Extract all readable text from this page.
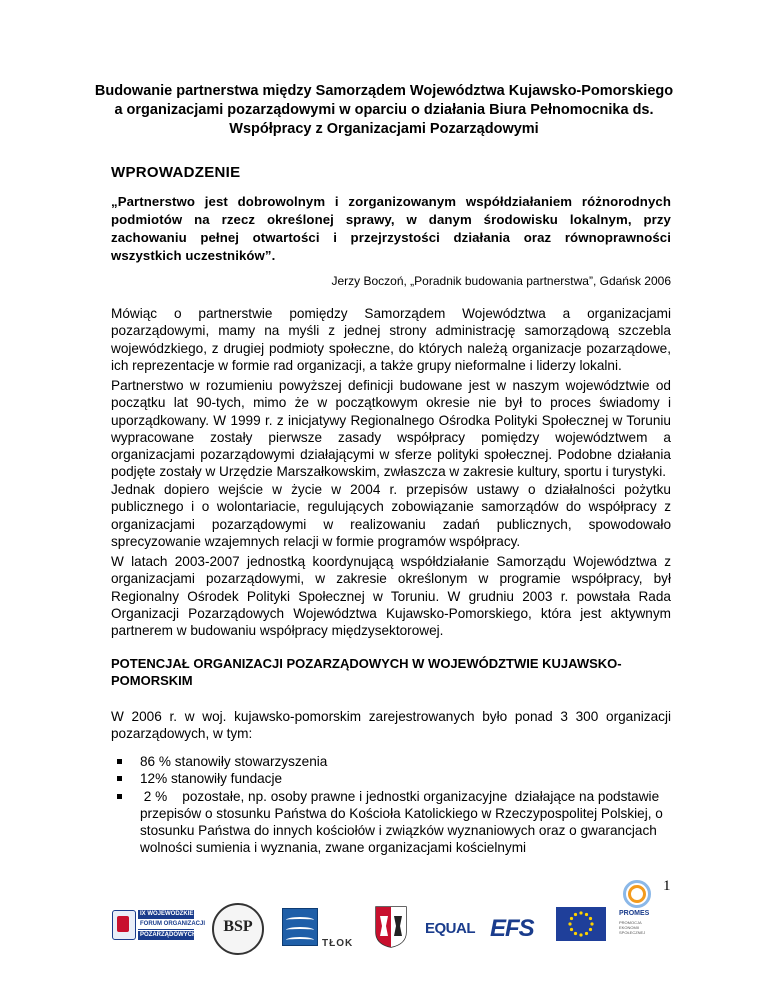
Budowanie partnerstwa między Samorządem Województwa Kujawsko-Pomorskiego a organizacjami pozarządowymi w oparciu o działania Biura Pełnomocnika ds. Współpracy z Organizacjami Pozarządowymi
WPROWADZENIE
„Partnerstwo jest dobrowolnym i zorganizowanym współdziałaniem różnorodnych podmiotów na rzecz określonej sprawy, w danym środowisku lokalnym, przy zachowaniu pełnej otwartości i przejrzystości działania oraz równoprawności wszystkich uczestników”.
Jerzy Boczoń, „Poradnik budowania partnerstwa”, Gdańsk 2006
Mówiąc o partnerstwie pomiędzy Samorządem Województwa a organizacjami pozarządowymi, mamy na myśli z jednej strony administrację samorządową szczebla wojewódzkiego, z drugiej podmioty społeczne, do których należą organizacje pozarządowe, ich reprezentacje w formie rad organizacji, a także grupy nieformalne i liderzy lokalni.
Partnerstwo w rozumieniu powyższej definicji budowane jest w naszym województwie od początku lat 90-tych, mimo że w początkowym okresie nie był to proces świadomy i uporządkowany. W 1999 r. z inicjatywy Regionalnego Ośrodka Polityki Społecznej w Toruniu wypracowane zostały pierwsze zasady współpracy pomiędzy województwem a organizacjami pozarządowymi działającymi w sferze polityki społecznej. Podobne działania podjęte zostały w Urzędzie Marszałkowskim, zwłaszcza w zakresie kultury, sportu i turystyki.
Jednak dopiero wejście w życie w 2004 r. przepisów ustawy o działalności pożytku publicznego i o wolontariacie, regulujących zobowiązanie samorządów do współpracy z organizacjami pozarządowymi w realizowaniu zadań publicznych, spowodowało sprecyzowanie wzajemnych relacji w formie programów współpracy.
W latach 2003-2007 jednostką koordynującą współdziałanie Samorządu Województwa z organizacjami pozarządowymi, w zakresie określonym w programie współpracy, był Regionalny Ośrodek Polityki Społecznej w Toruniu. W grudniu 2003 r. powstała Rada Organizacji Pozarządowych Województwa Kujawsko-Pomorskiego, która jest aktywnym partnerem w budowaniu współpracy międzysektorowej.
POTENCJAŁ ORGANIZACJI POZARZĄDOWYCH W WOJEWÓDZTWIE KUJAWSKO-POMORSKIM
W 2006 r. w woj. kujawsko-pomorskim zarejestrowanych było ponad 3 300 organizacji pozarządowych, w tym:
86 % stanowiły stowarzyszenia
12% stanowiły fundacje
2 %    pozostałe, np. osoby prawne i jednostki organizacyjne  działające na podstawie przepisów o stosunku Państwa do Kościoła Katolickiego w Rzeczypospolitej Polskiej, o stosunku Państwa do innych kościołów i związków wyznaniowych oraz o gwarancjach wolności sumienia i wyznania, zwane organizacjami kościelnymi
1
IX WOJEWÓDZKIE
FORUM ORGANIZACJI
POZARZĄDOWYCH	BSP
TŁOK
EQUAL EFS
PROMES
PROMOCJA EKONOMII SPOŁECZNEJ
